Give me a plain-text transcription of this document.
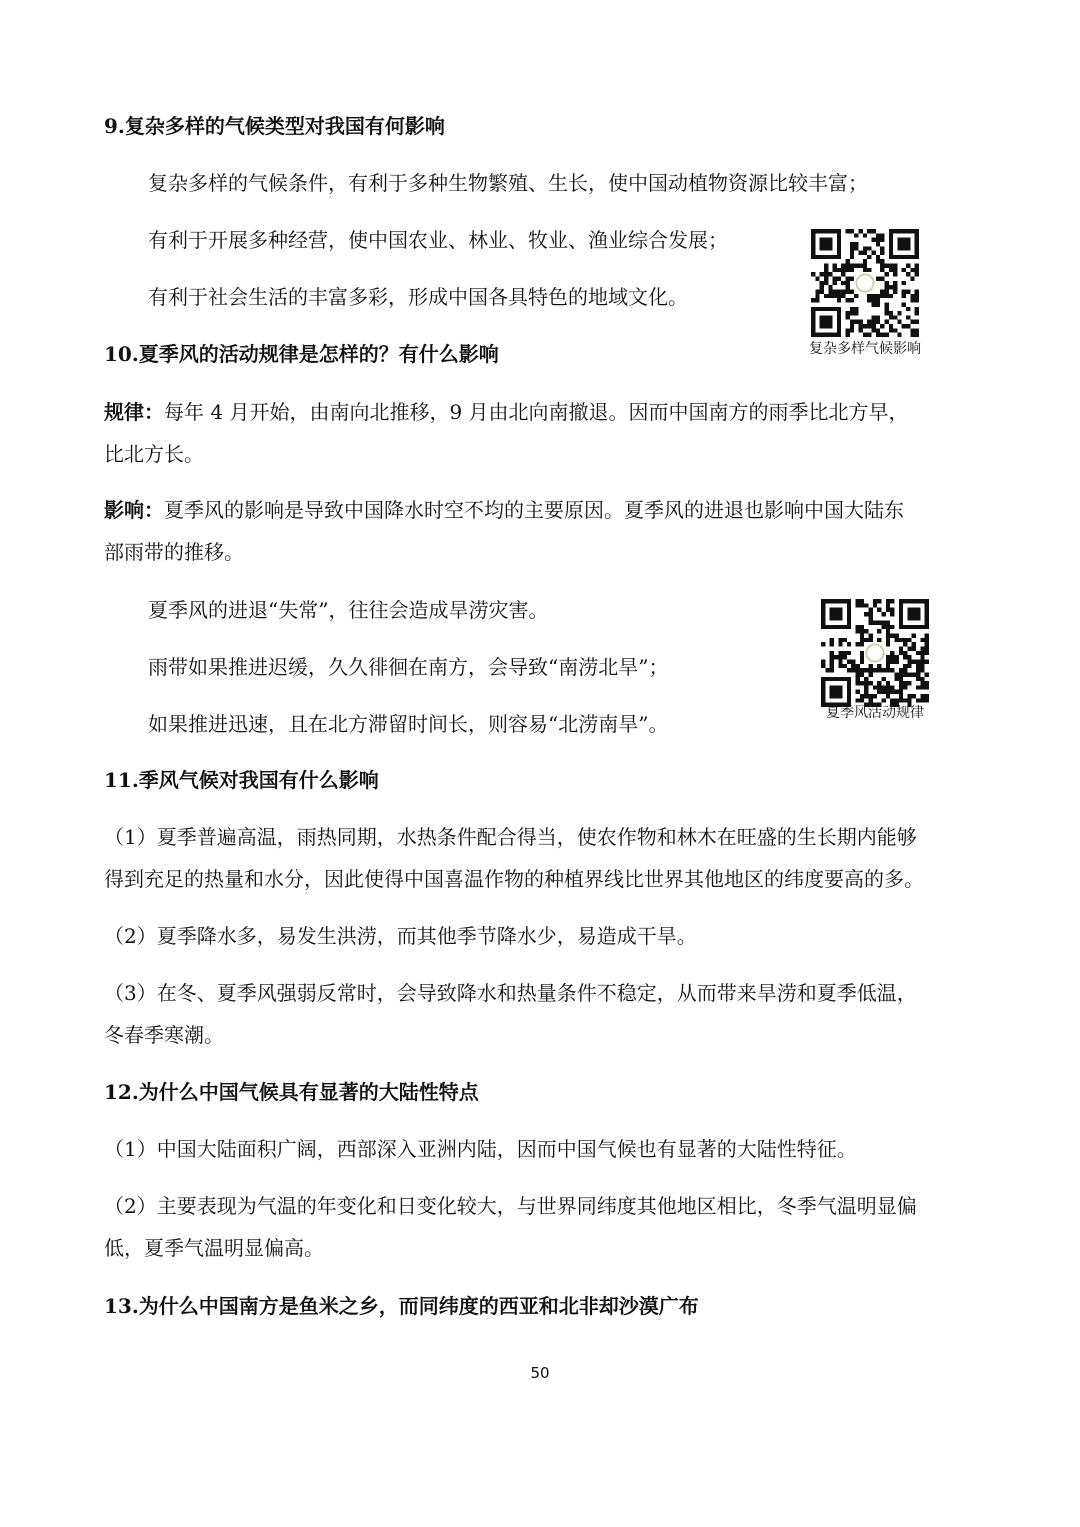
9.复杂多样的气候类型对我国有何影响
复杂多样的气候条件，有利于多种生物繁殖、生长，使中国动植物资源比较丰富；
有利于开展多种经营，使中国农业、林业、牧业、渔业综合发展；
有利于社会生活的丰富多彩，形成中国各具特色的地域文化。
复杂多样气候影响
10.夏季风的活动规律是怎样的？有什么影响
规律：每年 4 月开始，由南向北推移，9 月由北向南撤退。因而中国南方的雨季比北方早，
比北方长。
影响：夏季风的影响是导致中国降水时空不均的主要原因。夏季风的进退也影响中国大陆东
部雨带的推移。
夏季风的进退“失常”，往往会造成旱涝灾害。
雨带如果推进迟缓，久久徘徊在南方，会导致“南涝北旱”；
如果推进迅速，且在北方滞留时间长，则容易“北涝南旱”。	夏季风活动规律
11.季风气候对我国有什么影响
（1）夏季普遍高温，雨热同期，水热条件配合得当，使农作物和林木在旺盛的生长期内能够
得到充足的热量和水分，因此使得中国喜温作物的种植界线比世界其他地区的纬度要高的多。
（2）夏季降水多，易发生洪涝，而其他季节降水少，易造成干旱。
（3）在冬、夏季风强弱反常时，会导致降水和热量条件不稳定，从而带来旱涝和夏季低温，
冬春季寒潮。
12.为什么中国气候具有显著的大陆性特点
（1）中国大陆面积广阔，西部深入亚洲内陆，因而中国气候也有显著的大陆性特征。
（2）主要表现为气温的年变化和日变化较大，与世界同纬度其他地区相比，冬季气温明显偏
低，夏季气温明显偏高。
13.为什么中国南方是鱼米之乡，而同纬度的西亚和北非却沙漠广布
50
